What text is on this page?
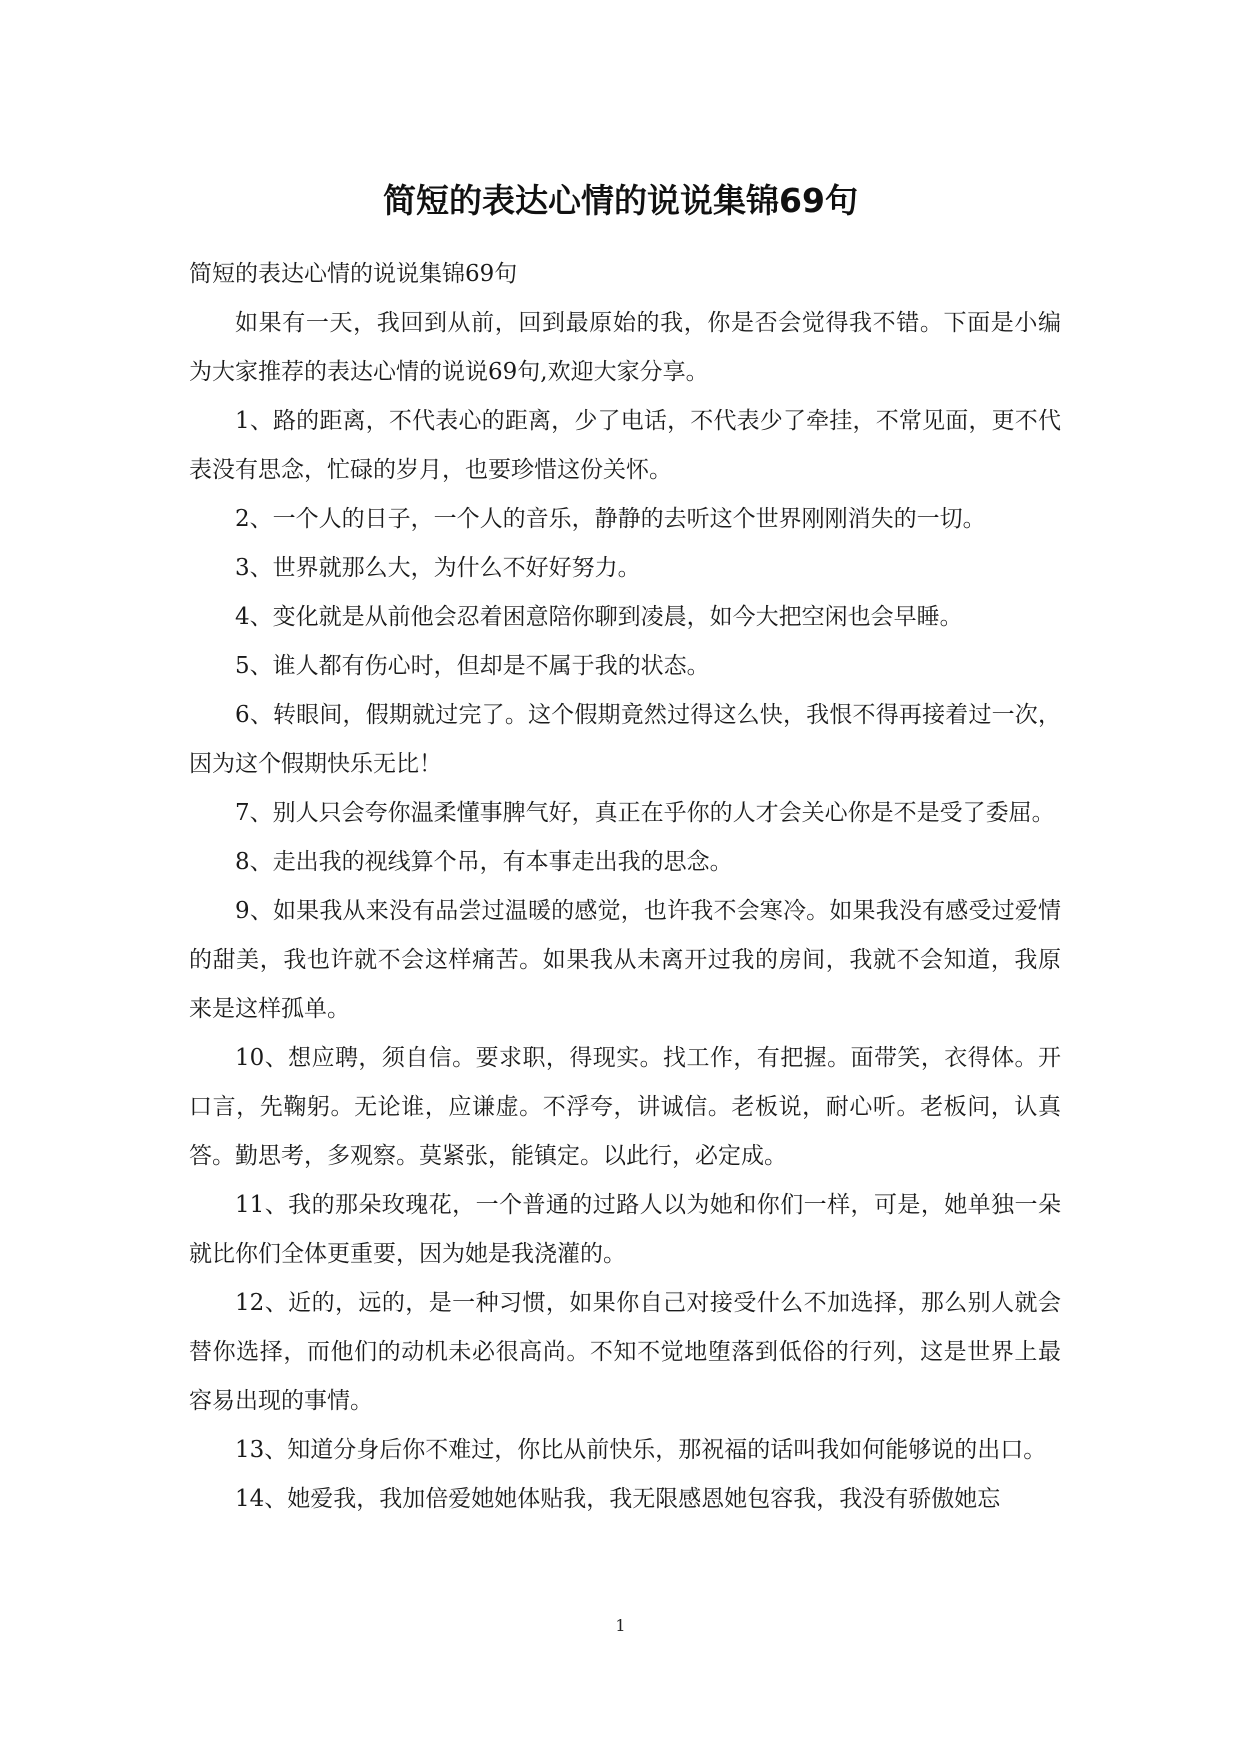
简短的表达心情的说说集锦69句

简短的表达心情的说说集锦69句

如果有一天，我回到从前，回到最原始的我，你是否会觉得我不错。下面是小编为大家推荐的表达心情的说说69句,欢迎大家分享。

1、路的距离，不代表心的距离，少了电话，不代表少了牵挂，不常见面，更不代表没有思念，忙碌的岁月，也要珍惜这份关怀。

2、一个人的日子，一个人的音乐，静静的去听这个世界刚刚消失的一切。

3、世界就那么大，为什么不好好努力。

4、变化就是从前他会忍着困意陪你聊到凌晨，如今大把空闲也会早睡。

5、谁人都有伤心时，但却是不属于我的状态。

6、转眼间，假期就过完了。这个假期竟然过得这么快，我恨不得再接着过一次，因为这个假期快乐无比！

7、别人只会夸你温柔懂事脾气好，真正在乎你的人才会关心你是不是受了委屈。

8、走出我的视线算个吊，有本事走出我的思念。

9、如果我从来没有品尝过温暖的感觉，也许我不会寒冷。如果我没有感受过爱情的甜美，我也许就不会这样痛苦。如果我从未离开过我的房间，我就不会知道，我原来是这样孤单。

10、想应聘，须自信。要求职，得现实。找工作，有把握。面带笑，衣得体。开口言，先鞠躬。无论谁，应谦虚。不浮夸，讲诚信。老板说，耐心听。老板问，认真答。勤思考，多观察。莫紧张，能镇定。以此行，必定成。

11、我的那朵玫瑰花，一个普通的过路人以为她和你们一样，可是，她单独一朵就比你们全体更重要，因为她是我浇灌的。

12、近的，远的，是一种习惯，如果你自己对接受什么不加选择，那么别人就会替你选择，而他们的动机未必很高尚。不知不觉地堕落到低俗的行列，这是世界上最容易出现的事情。

13、知道分身后你不难过，你比从前快乐，那祝福的话叫我如何能够说的出口。

14、她爱我，我加倍爱她她体贴我，我无限感恩她包容我，我没有骄傲她忘

1
